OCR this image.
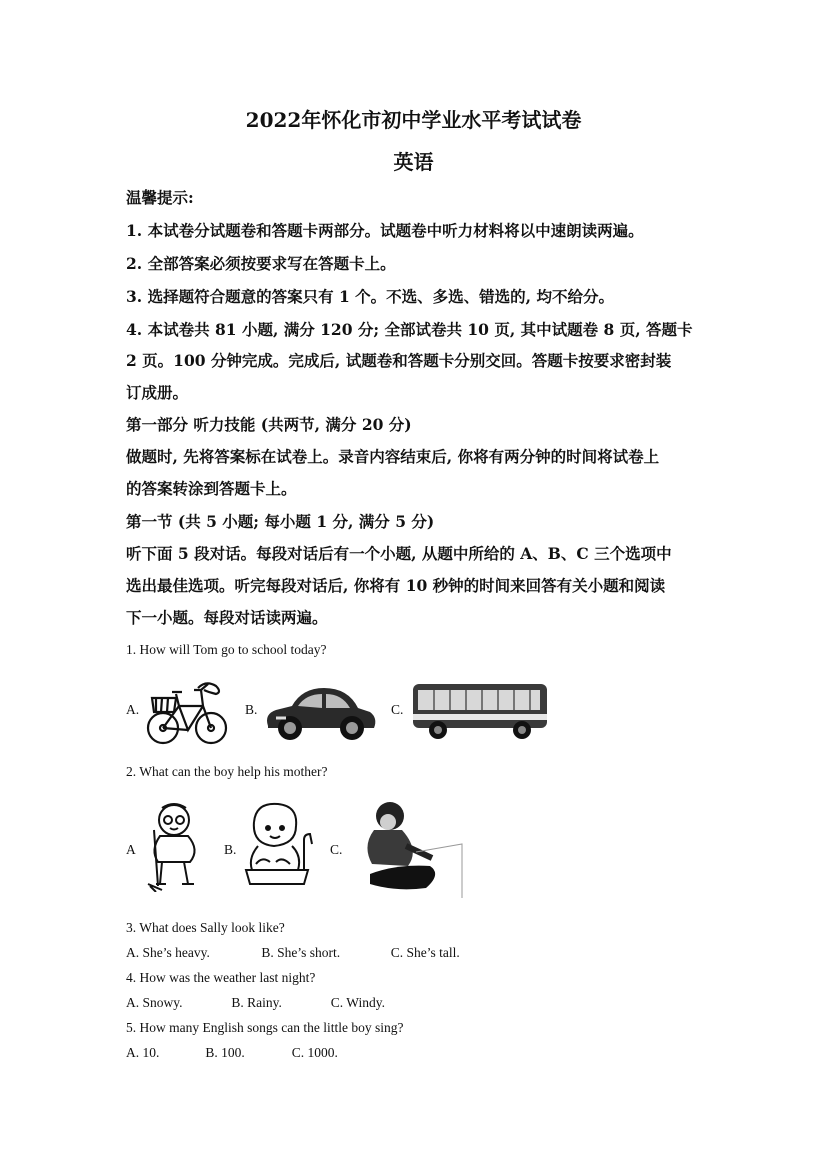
2022年怀化市初中学业水平考试试卷
英语
温馨提示:
1. 本试卷分试题卷和答题卡两部分。试题卷中听力材料将以中速朗读两遍。
2. 全部答案必须按要求写在答题卡上。
3. 选择题符合题意的答案只有 1 个。不选、多选、错选的, 均不给分。
4. 本试卷共 81 小题, 满分 120 分; 全部试卷共 10 页, 其中试题卷 8 页, 答题卡
2 页。100 分钟完成。完成后, 试题卷和答题卡分别交回。答题卡按要求密封装
订成册。
第一部分 听力技能 (共两节, 满分 20 分)
做题时, 先将答案标在试卷上。录音内容结束后, 你将有两分钟的时间将试卷上
的答案转涂到答题卡上。
第一节 (共 5 小题; 每小题 1 分, 满分 5 分)
听下面 5 段对话。每段对话后有一个小题, 从题中所给的 A、B、C 三个选项中
选出最佳选项。听完每段对话后, 你将有 10 秒钟的时间来回答有关小题和阅读
下一小题。每段对话读两遍。
1. How will Tom go to school today?
A.	B.	C.
2. What can the boy help his mother?
A	B.	C.
3. What does Sally look like?
A. She’s heavy.	B. She’s short.	C. She’s tall.
4. How was the weather last night?
A. Snowy.	B. Rainy.	C. Windy.
5. How many English songs can the little boy sing?
A. 10.	B. 100.	C. 1000.
